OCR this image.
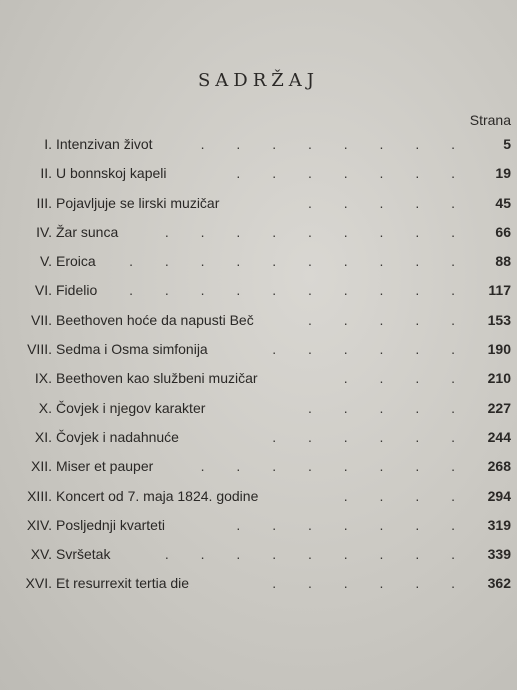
SADRŽAJ
Strana
I. Intenzivan život	. . . . . . . .	5
II. U bonnskoj kapeli	. . . . . . .	19
III. Pojavljuje se lirski muzičar	. . . . .	45
IV. Žar sunca	. . . . . . . . .	66
V. Eroica . . . . . . . . . .	88
VI. Fidelio . . . . . . . . . .	117
VII. Beethoven hoće da napusti Beč	. . . . .	153
VIII. Sedma i Osma simfonija	. . . . . .	190
IX. Beethoven kao službeni muzičar	. . . .	210
X. Čovjek i njegov karakter	. . . . .	227
XI. Čovjek i nadahnuće	. . . . . .	244
XII. Miser et pauper	. . . . . . . .	268
XIII. Koncert od 7. maja 1824. godine	. . . .	294
XIV. Posljednji kvarteti	. . . . . . .	319
XV. Svršetak	. . . . . . . . .	339
XVI. Et resurrexit tertia die	. . . . . .	362
